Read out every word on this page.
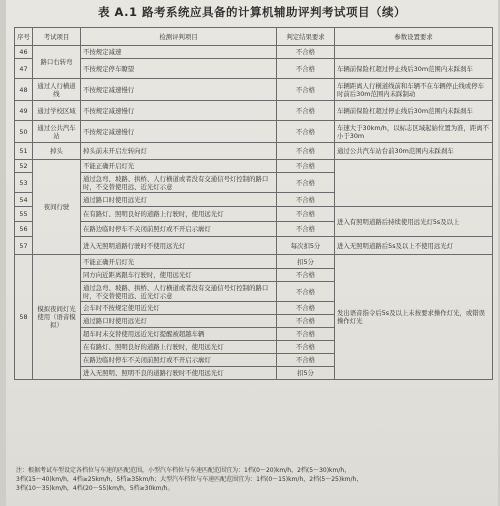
表 A.1 路考系统应具备的计算机辅助评判考试项目（续）
序号	考试项目	检测评判项目	判定结果要求	参数设置要求
46	路口右转弯	不按规定减速	不合格	
47		不按规定停车瞭望	不合格	车辆前保险杠超过停止线后30m范围内未踩刹车
48	通过人行横道线	不按规定减速慢行	不合格	车辆距离人行横道线前和车辆不在车辆停止线或停车时前后30m范围内未踩制动
49	通过学校区域	不按规定减速慢行	不合格	车辆前保险杠超过停止线后30m范围内未踩刹车
50	通过公共汽车站	不按规定减速慢行	不合格	车速大于30km/h，以标志区域起始位置为准，距离不小于30m
51	掉头	掉头前未开启左转向灯	不合格	通过公共汽车站台前30m范围内未踩刹车
52	夜间行驶	不能正确开启灯光	不合格	
53		通过急弯、坡路、拱桥、人行横道或者没有交通信号灯控制的路口时，不交替使用远、近光灯示意	不合格	
54		通过路口时使用远光灯	不合格	
55		在有路灯、照明良好的道路上行驶时，使用远光灯	不合格	进入有照明道路后持续使用远光灯5s及以上
56		在路边临时停车不关闭前照灯或不开启示廓灯	不合格	
57		进入无照明道路行驶时不使用远光灯	每次扣5分	进入无照明道路后5s及以上不使用远光灯
58	模拟夜间灯光使用（语音模拟）	不能正确开启灯光	扣5分	发出语音指令后5s及以上未按要求操作灯光，或错误操作灯光
		同方向近距离跟车行驶时，使用远光灯	不合格	
		通过急弯、坡路、拱桥、人行横道或者没有交通信号灯控制的路口时，不交替使用远、近光灯示意	不合格	
		会车时不按规定使用近光灯	不合格	
		通过路口时使用远光灯	不合格	
		超车时未交替使用远近光灯提醒被超越车辆	不合格	
		在有路灯、照明良好的道路上行驶时，使用远光灯	不合格	
		在路边临时停车不关闭前照灯或不开启示廓灯	不合格	
		进入无照明、照明不良的道路行驶时不使用远光灯	扣5分	
注：根据考试车型设定各档位与车速的匹配范围，小型汽车档位与车速匹配范围宜为：1档(0～20)km/h，2档(5～30)km/h，
3档(15～40)km/h，4档≥25km/h，5档≥35km/h；大型汽车档位与车速匹配范围宜为：1档(0～15)km/h，2档(5～25)km/h，
3档(10～35)km/h，4档(20～55)km/h，5档≥30km/h。
